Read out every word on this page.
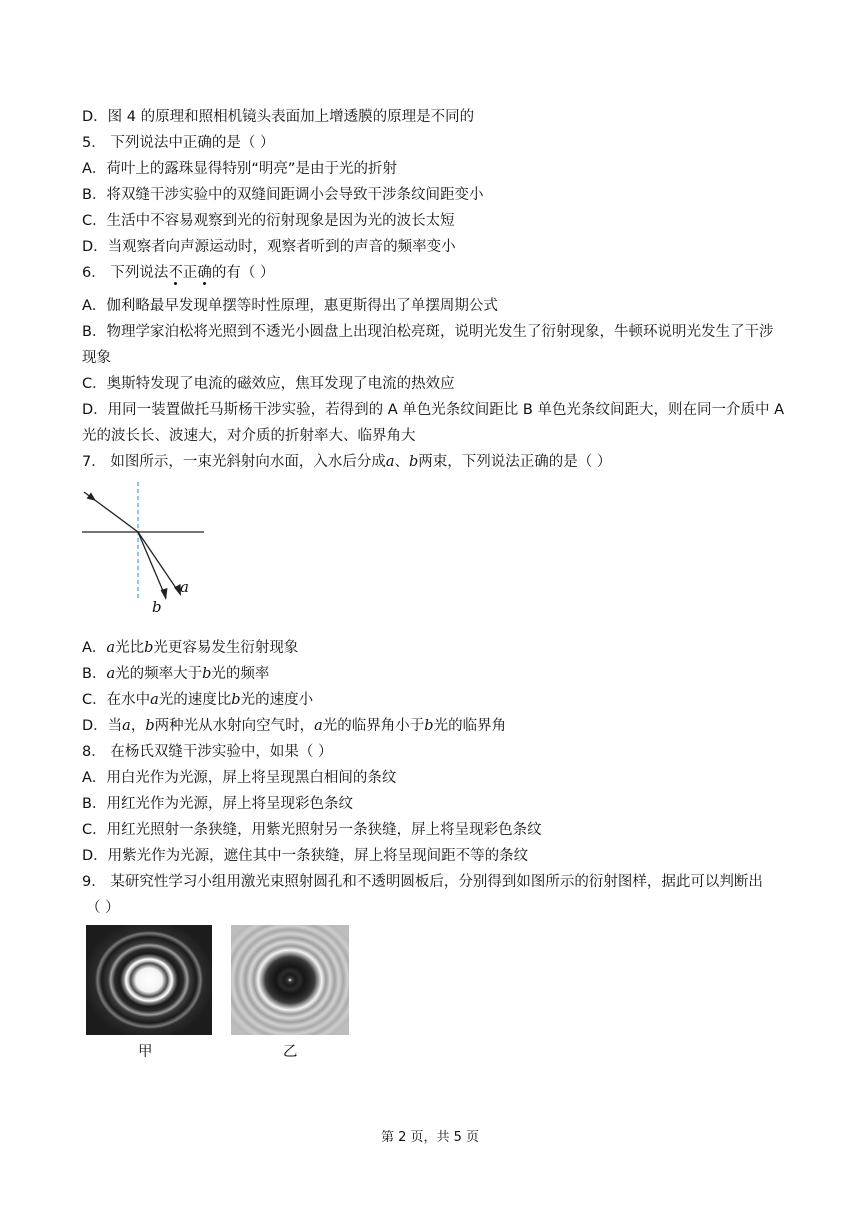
D．图 4 的原理和照相机镜头表面加上增透膜的原理是不同的
5． 下列说法中正确的是（ ）
A．荷叶上的露珠显得特别“明亮”是由于光的折射
B．将双缝干涉实验中的双缝间距调小会导致干涉条纹间距变小
C．生活中不容易观察到光的衍射现象是因为光的波长太短
D．当观察者向声源运动时，观察者听到的声音的频率变小
6． 下列说法不正确的有（ ）
A．伽利略最早发现单摆等时性原理，惠更斯得出了单摆周期公式
B．物理学家泊松将光照到不透光小圆盘上出现泊松亮斑，说明光发生了衍射现象，牛顿环说明光发生了干涉
现象
C．奥斯特发现了电流的磁效应，焦耳发现了电流的热效应
D．用同一装置做托马斯杨干涉实验，若得到的 A 单色光条纹间距比 B 单色光条纹间距大，则在同一介质中 A
光的波长长、波速大，对介质的折射率大、临界角大
7． 如图所示，一束光斜射向水面，入水后分成a、b两束，下列说法正确的是（ ）
a
b
A．a光比b光更容易发生衍射现象
B．a光的频率大于b光的频率
C．在水中a光的速度比b光的速度小
D．当a，b两种光从水射向空气时，a光的临界角小于b光的临界角
8． 在杨氏双缝干涉实验中，如果（ ）
A．用白光作为光源，屏上将呈现黑白相间的条纹
B．用红光作为光源，屏上将呈现彩色条纹
C．用红光照射一条狭缝，用紫光照射另一条狭缝，屏上将呈现彩色条纹
D．用紫光作为光源，遮住其中一条狭缝，屏上将呈现间距不等的条纹
9． 某研究性学习小组用激光束照射圆孔和不透明圆板后，分别得到如图所示的衍射图样，据此可以判断出
（ ）
甲	乙
第 2 页，共 5 页
